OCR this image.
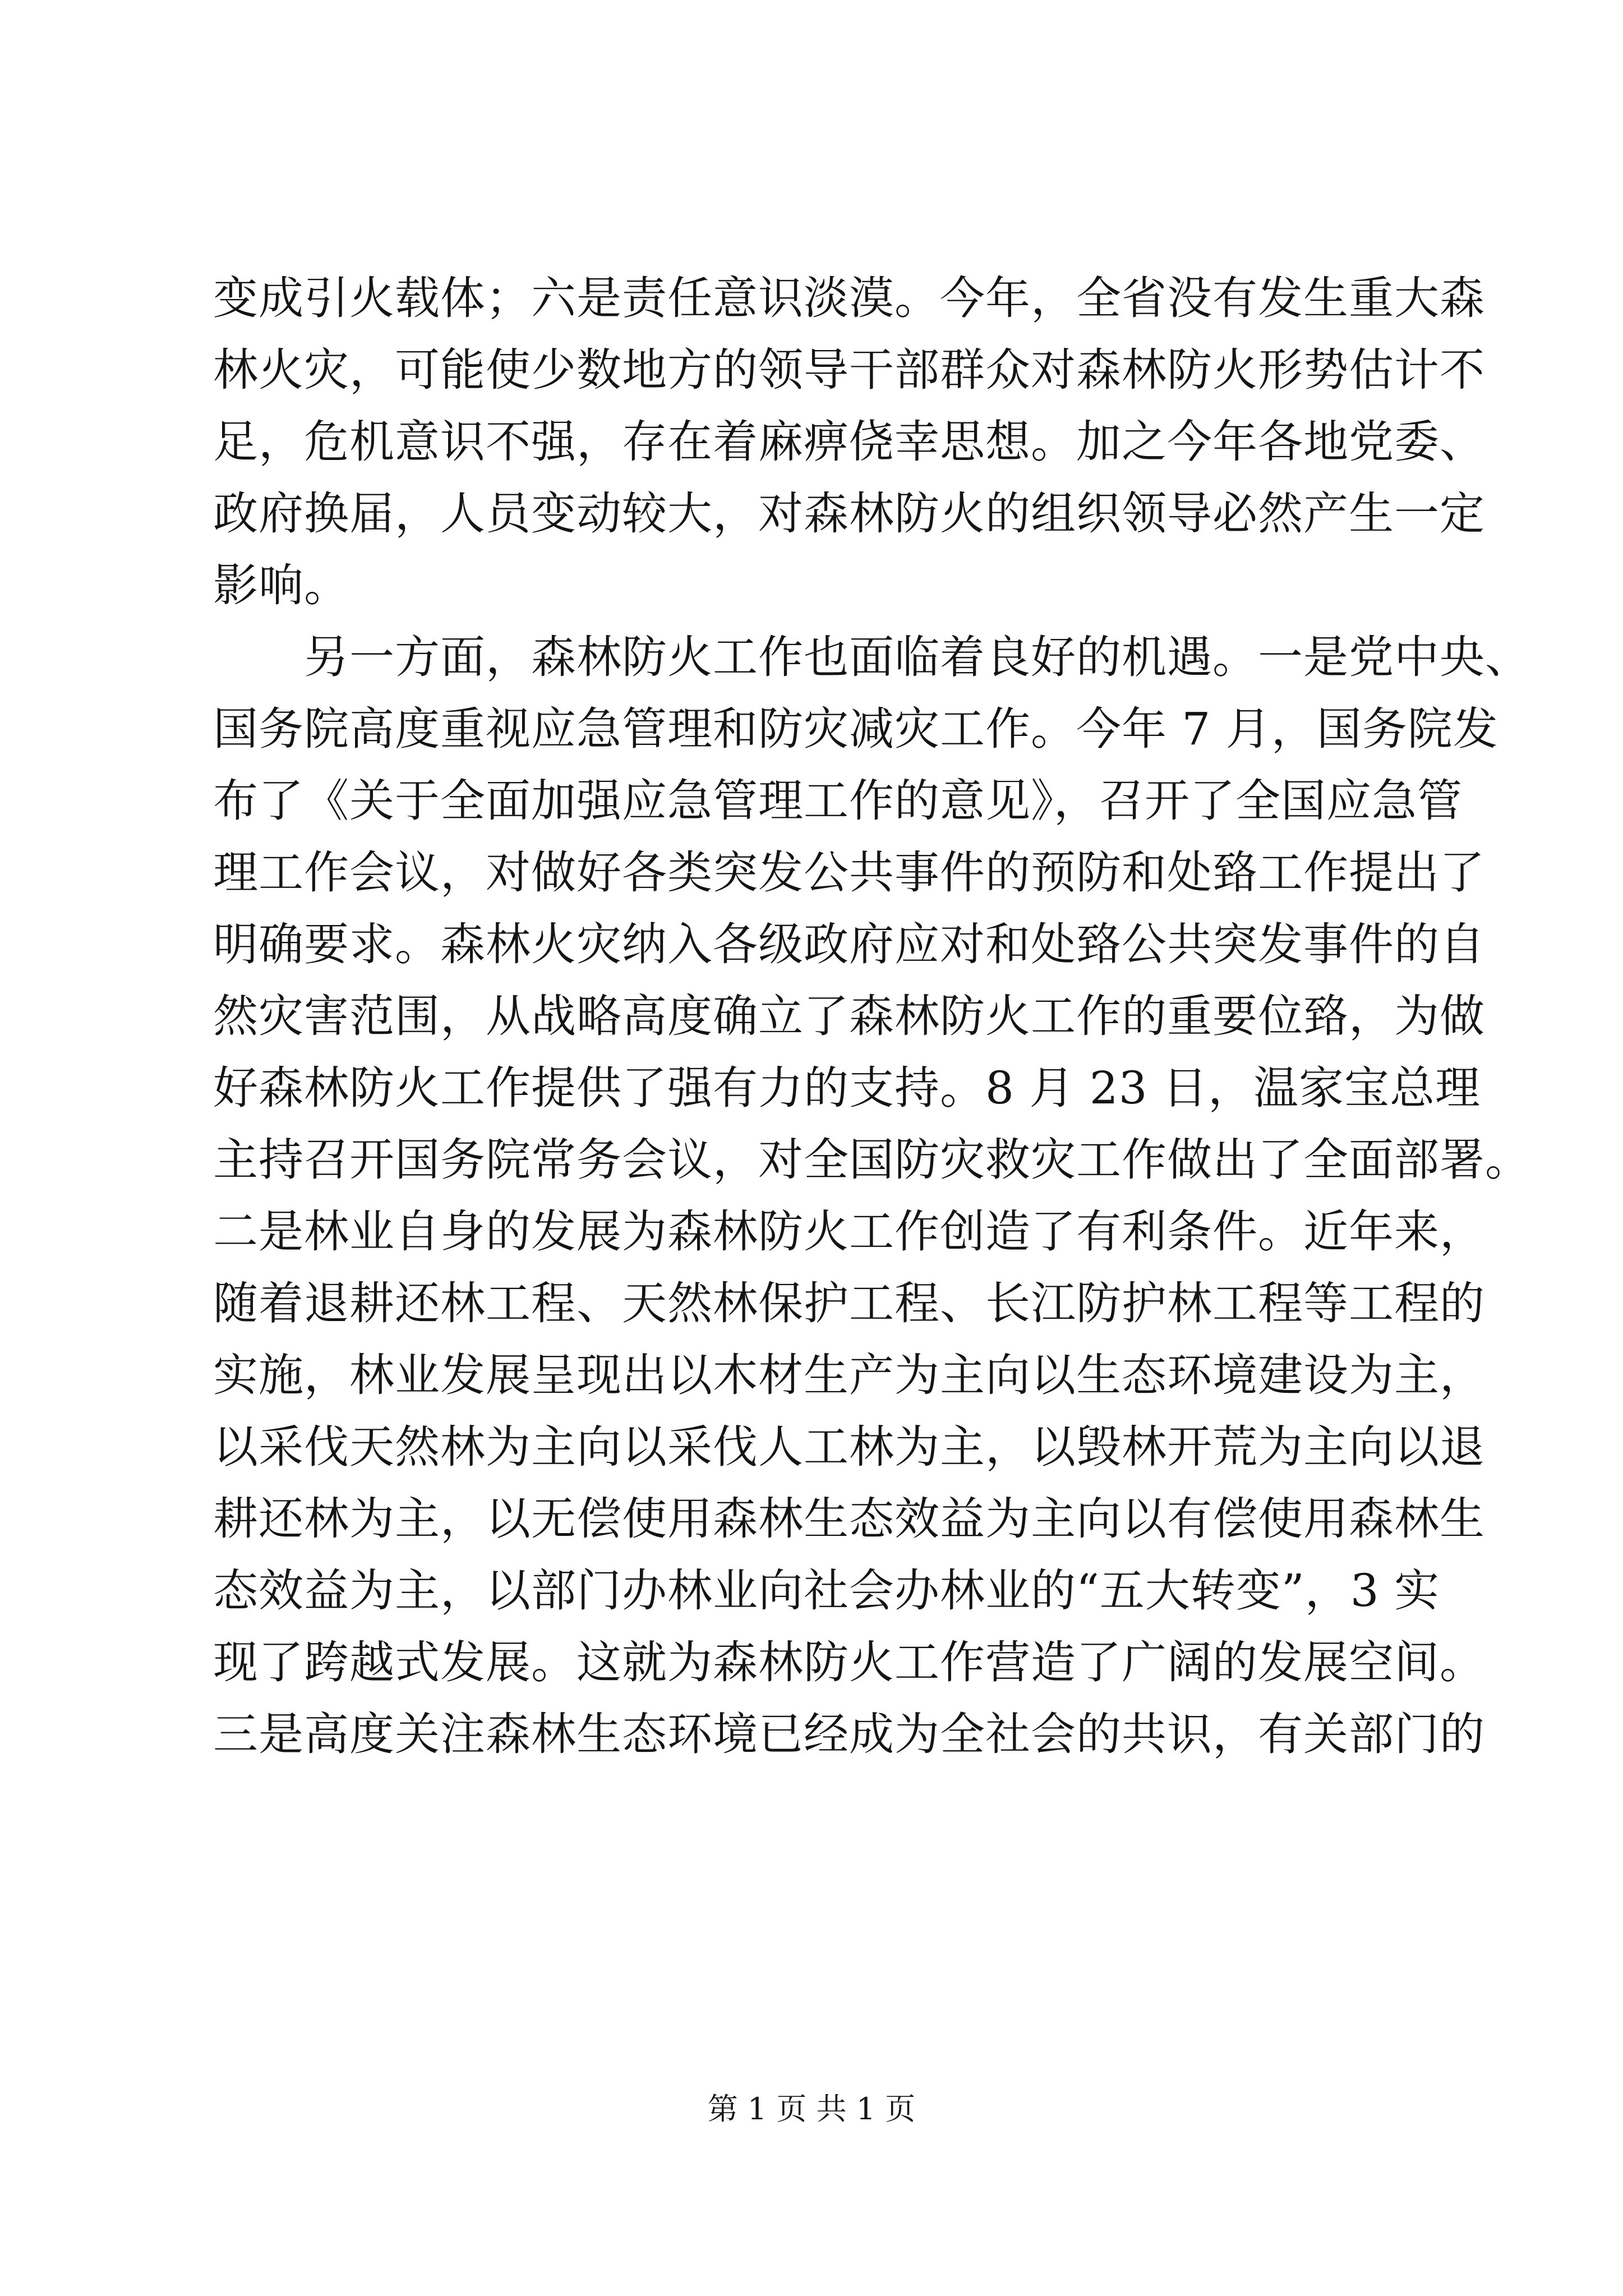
变成引火载体；六是责任意识淡漠。今年，全省没有发生重大森
林火灾，可能使少数地方的领导干部群众对森林防火形势估计不
足，危机意识不强，存在着麻痹侥幸思想。加之今年各地党委、
政府换届，人员变动较大，对森林防火的组织领导必然产生一定
影响。
　　另一方面，森林防火工作也面临着良好的机遇。一是党中央、
国务院高度重视应急管理和防灾减灾工作。今年 7 月，国务院发
布了《关于全面加强应急管理工作的意见》，召开了全国应急管
理工作会议，对做好各类突发公共事件的预防和处臵工作提出了
明确要求。森林火灾纳入各级政府应对和处臵公共突发事件的自
然灾害范围，从战略高度确立了森林防火工作的重要位臵，为做
好森林防火工作提供了强有力的支持。8 月 23 日，温家宝总理
主持召开国务院常务会议，对全国防灾救灾工作做出了全面部署。
二是林业自身的发展为森林防火工作创造了有利条件。近年来，
随着退耕还林工程、天然林保护工程、长江防护林工程等工程的
实施，林业发展呈现出以木材生产为主向以生态环境建设为主，
以采伐天然林为主向以采伐人工林为主，以毁林开荒为主向以退
耕还林为主，以无偿使用森林生态效益为主向以有偿使用森林生
态效益为主，以部门办林业向社会办林业的“五大转变”，3 实
现了跨越式发展。这就为森林防火工作营造了广阔的发展空间。
三是高度关注森林生态环境已经成为全社会的共识，有关部门的
第 1 页 共 1 页
